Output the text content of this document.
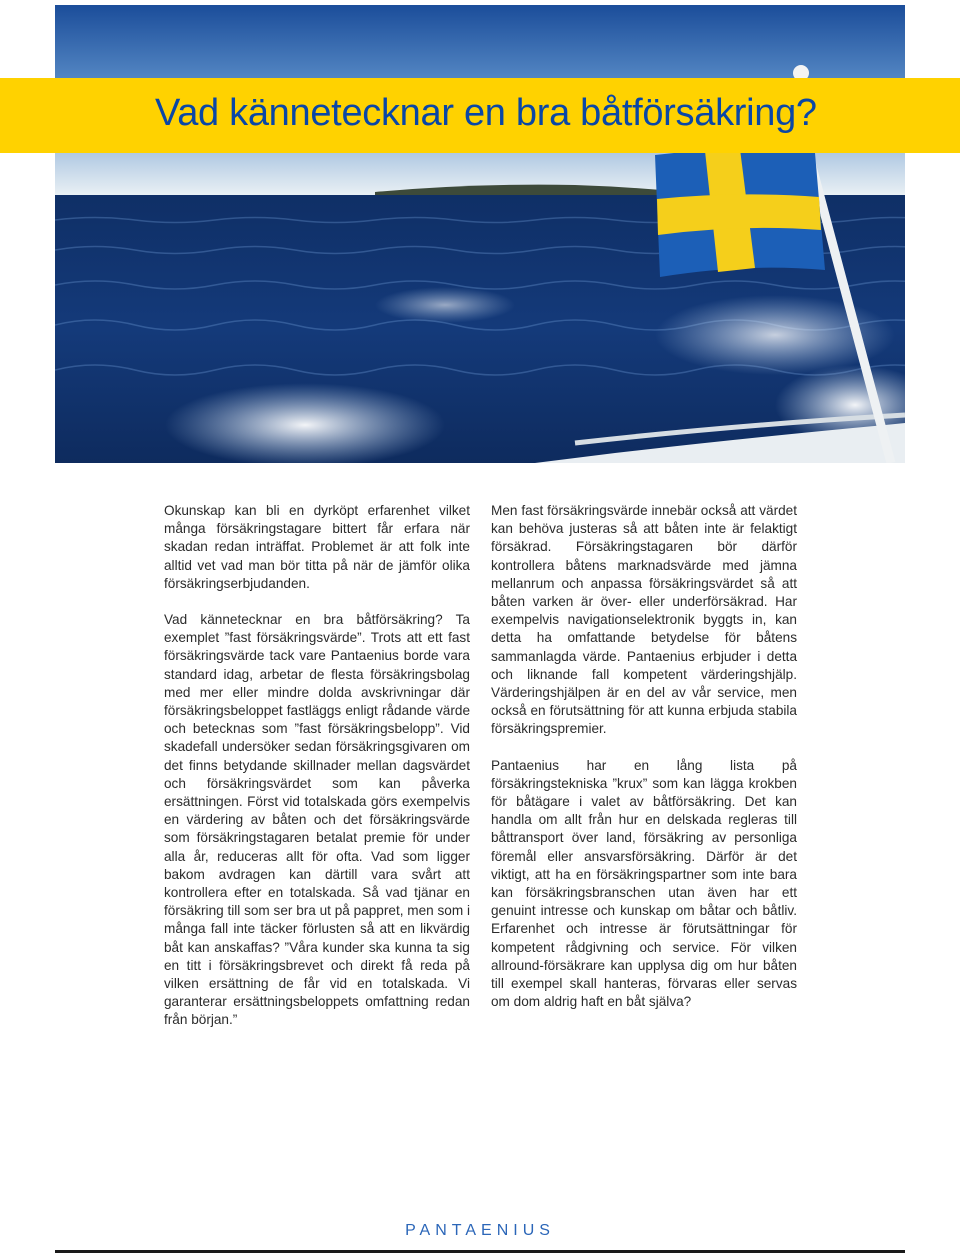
Vad kännetecknar en bra båtförsäkring?

Okunskap kan bli en dyrköpt erfarenhet vilket många försäkringstagare bittert får erfara när skadan redan inträffat. Problemet är att folk inte alltid vet vad man bör titta på när de jämför olika försäkringserbjudanden.

Vad kännetecknar en bra båtförsäkring? Ta exemplet ”fast försäkringsvärde”. Trots att ett fast försäkringsvärde tack vare Pantaenius borde vara standard idag, arbetar de flesta försäkringsbolag med mer eller mindre dolda avskrivningar där försäkringsbeloppet fastläggs enligt rådande värde och betecknas som ”fast försäkringsbelopp”. Vid skadefall undersöker sedan försäkringsgivaren om det finns betydande skillnader mellan dagsvärdet och försäkringsvärdet som kan påverka ersättningen. Först vid totalskada görs exempelvis en värdering av båten och det försäkringsvärde som försäkringstagaren betalat premie för under alla år, reduceras allt för ofta. Vad som ligger bakom avdragen kan därtill vara svårt att kontrollera efter en totalskada. Så vad tjänar en försäkring till som ser bra ut på pappret, men som i många fall inte täcker förlusten så att en likvärdig båt kan anskaffas? ”Våra kunder ska kunna ta sig en titt i försäkringsbrevet och direkt få reda på vilken ersättning de får vid en totalskada. Vi garanterar ersättningsbeloppets omfattning redan från början.”

Men fast försäkringsvärde innebär också att värdet kan behöva justeras så att båten inte är felaktigt försäkrad. Försäkringstagaren bör därför kontrollera båtens marknadsvärde med jämna mellanrum och anpassa försäkringsvärdet så att båten varken är över- eller underförsäkrad. Har exempelvis navigationselektronik byggts in, kan detta ha omfattande betydelse för båtens sammanlagda värde. Pantaenius erbjuder i detta och liknande fall kompetent värderingshjälp. Värderingshjälpen är en del av vår service, men också en förutsättning för att kunna erbjuda stabila försäkringspremier.

Pantaenius har en lång lista på försäkringstekniska ”krux” som kan lägga krokben för båtägare i valet av båtförsäkring. Det kan handla om allt från hur en delskada regleras till båttransport över land, försäkring av personliga föremål eller ansvarsförsäkring. Därför är det viktigt, att ha en försäkringspartner som inte bara kan försäkringsbranschen utan även har ett genuint intresse och kunskap om båtar och båtliv. Erfarenhet och intresse är förutsättningar för kompetent rådgivning och service. För vilken allround-försäkrare kan upplysa dig om hur båten till exempel skall hanteras, förvaras eller servas om dom aldrig haft en båt själva?

PANTAENIUS
